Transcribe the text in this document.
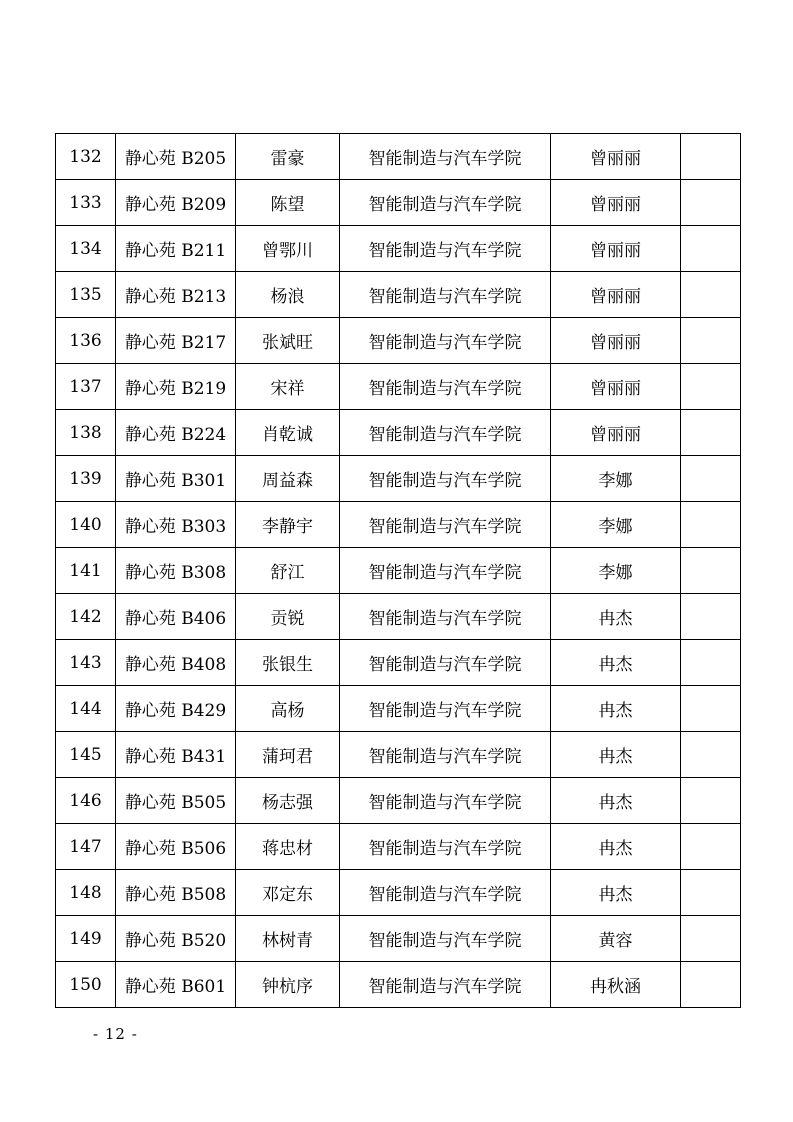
132	静心苑 B205	雷豪	智能制造与汽车学院	曾丽丽	
133	静心苑 B209	陈望	智能制造与汽车学院	曾丽丽	
134	静心苑 B211	曾鄂川	智能制造与汽车学院	曾丽丽	
135	静心苑 B213	杨浪	智能制造与汽车学院	曾丽丽	
136	静心苑 B217	张斌旺	智能制造与汽车学院	曾丽丽	
137	静心苑 B219	宋祥	智能制造与汽车学院	曾丽丽	
138	静心苑 B224	肖乾诚	智能制造与汽车学院	曾丽丽	
139	静心苑 B301	周益森	智能制造与汽车学院	李娜	
140	静心苑 B303	李静宇	智能制造与汽车学院	李娜	
141	静心苑 B308	舒江	智能制造与汽车学院	李娜	
142	静心苑 B406	贡锐	智能制造与汽车学院	冉杰	
143	静心苑 B408	张银生	智能制造与汽车学院	冉杰	
144	静心苑 B429	高杨	智能制造与汽车学院	冉杰	
145	静心苑 B431	蒲珂君	智能制造与汽车学院	冉杰	
146	静心苑 B505	杨志强	智能制造与汽车学院	冉杰	
147	静心苑 B506	蒋忠材	智能制造与汽车学院	冉杰	
148	静心苑 B508	邓定东	智能制造与汽车学院	冉杰	
149	静心苑 B520	林树青	智能制造与汽车学院	黄容	
150	静心苑 B601	钟杭序	智能制造与汽车学院	冉秋涵	
- 12 -
